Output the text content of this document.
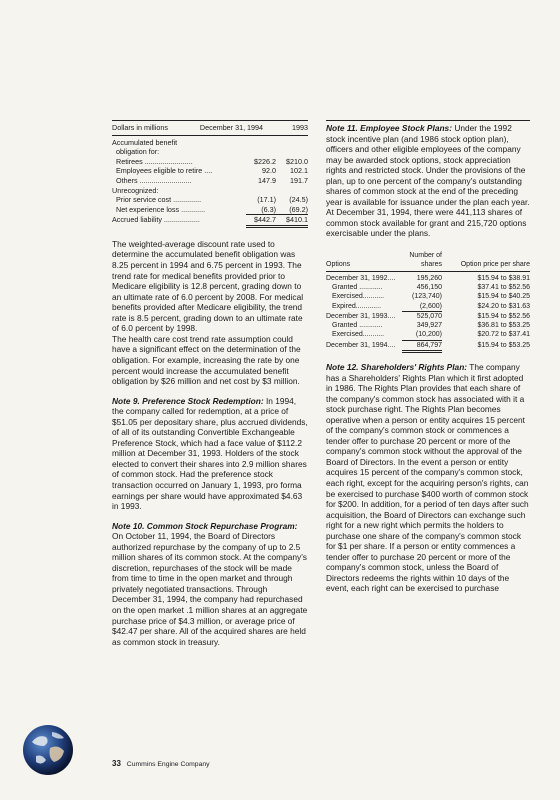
Dollars in millions	December 31, 1994	1993
Accumulated benefit
obligation for:
Retirees ........................	$226.2	$210.0
Employees eligible to retire ....	92.0	102.1
Others ..........................	147.9	191.7
Unrecognized:
Prior service cost ..............	(17.1)	(24.5)
Net experience loss ............	(6.3)	(69.2)
Accrued liability ..................	$442.7	$410.1

The weighted-average discount rate used to determine the accumulated benefit obligation was 8.25 percent in 1994 and 6.75 percent in 1993. The trend rate for medical benefits provided prior to Medicare eligibility is 12.8 percent, grading down to an ultimate rate of 6.0 percent by 2008. For medical benefits provided after Medicare eligibility, the trend rate is 8.5 percent, grading down to an ultimate rate of 6.0 percent by 1998.

The health care cost trend rate assumption could have a significant effect on the determination of the obligation. For example, increasing the rate by one percent would increase the accumulated benefit obligation by $26 million and net cost by $3 million.

Note 9. Preference Stock Redemption: In 1994, the company called for redemption, at a price of $51.05 per depositary share, plus accrued dividends, of all of its outstanding Convertible Exchangeable Preference Stock, which had a face value of $112.2 million at December 31, 1993. Holders of the stock elected to convert their shares into 2.9 million shares of common stock. Had the preference stock transaction occurred on January 1, 1993, pro forma earnings per share would have approximated $4.63 in 1993.
Note 10. Common Stock Repurchase Program: On October 11, 1994, the Board of Directors authorized repurchase by the company of up to 2.5 million shares of its common stock. At the company's discretion, repurchases of the stock will be made from time to time in the open market and through privately negotiated transactions. Through December 31, 1994, the company had repurchased on the open market .1 million shares at an aggregate purchase price of $4.3 million, or average price of $42.47 per share. All of the acquired shares are held as common stock in treasury.
Note 11. Employee Stock Plans: Under the 1992 stock incentive plan (and 1986 stock option plan), officers and other eligible employees of the company may be awarded stock options, stock appreciation rights and restricted stock. Under the provisions of the plan, up to one percent of the company's outstanding shares of common stock at the end of the preceding year is available for issuance under the plan each year. At December 31, 1994, there were 441,113 shares of common stock available for grant and 215,720 options exercisable under the plans.
Options
Number of shares	Option price per share
December 31, 1992....	195,260	$15.94 to $38.91
Granted ............	456,150	$37.41 to $52.56
Exercised...........	(123,740)	$15.94 to $40.25
Expired.............	(2,600)	$24.20 to $31.63
December 31, 1993....	525,070	$15.94 to $52.56
Granted ............	349,927	$36.81 to $53.25
Exercised...........	(10,200)	$20.72 to $37.41
December 31, 1994....	864,797	$15.94 to $53.25
Note 12. Shareholders' Rights Plan: The company has a Shareholders' Rights Plan which it first adopted in 1986. The Rights Plan provides that each share of the company's common stock has associated with it a stock purchase right. The Rights Plan becomes operative when a person or entity acquires 15 percent of the company's common stock or commences a tender offer to purchase 20 percent or more of the company's common stock without the approval of the Board of Directors. In the event a person or entity acquires 15 percent of the company's common stock, each right, except for the acquiring person's rights, can be exercised to purchase $400 worth of common stock for $200. In addition, for a period of ten days after such acquisition, the Board of Directors can exchange such right for a new right which permits the holders to purchase one share of the company's common stock for $1 per share. If a person or entity commences a tender offer to purchase 20 percent or more of the company's common stock, unless the Board of Directors redeems the rights within 10 days of the event, each right can be exercised to purchase
33 Cummins Engine Company
